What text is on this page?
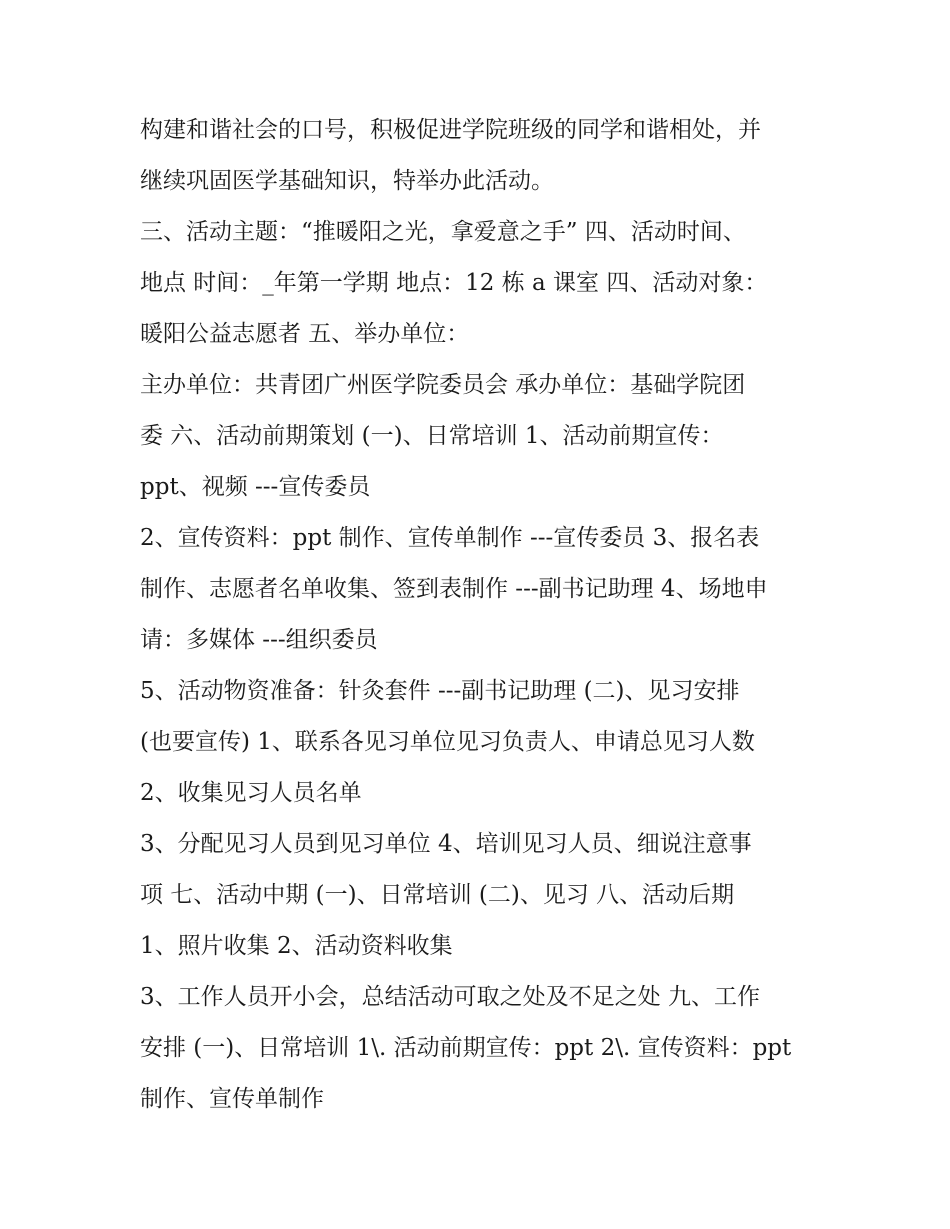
构建和谐社会的口号，积极促进学院班级的同学和谐相处，并
继续巩固医学基础知识，特举办此活动。
三、活动主题：“推暖阳之光，拿爱意之手” 四、活动时间、
地点 时间：_年第一学期 地点：12 栋 a 课室 四、活动对象：
暖阳公益志愿者 五、举办单位：
主办单位：共青团广州医学院委员会 承办单位：基础学院团
委 六、活动前期策划 (一)、日常培训 1、活动前期宣传：
ppt、视频 ---宣传委员
2、宣传资料：ppt 制作、宣传单制作 ---宣传委员 3、报名表
制作、志愿者名单收集、签到表制作 ---副书记助理 4、场地申
请：多媒体 ---组织委员
5、活动物资准备：针灸套件 ---副书记助理 (二)、见习安排
(也要宣传) 1、联系各见习单位见习负责人、申请总见习人数
2、收集见习人员名单
3、分配见习人员到见习单位 4、培训见习人员、细说注意事
项 七、活动中期 (一)、日常培训 (二)、见习 八、活动后期
1、照片收集 2、活动资料收集
3、工作人员开小会，总结活动可取之处及不足之处 九、工作
安排 (一)、日常培训 1\. 活动前期宣传：ppt 2\. 宣传资料：ppt
制作、宣传单制作
